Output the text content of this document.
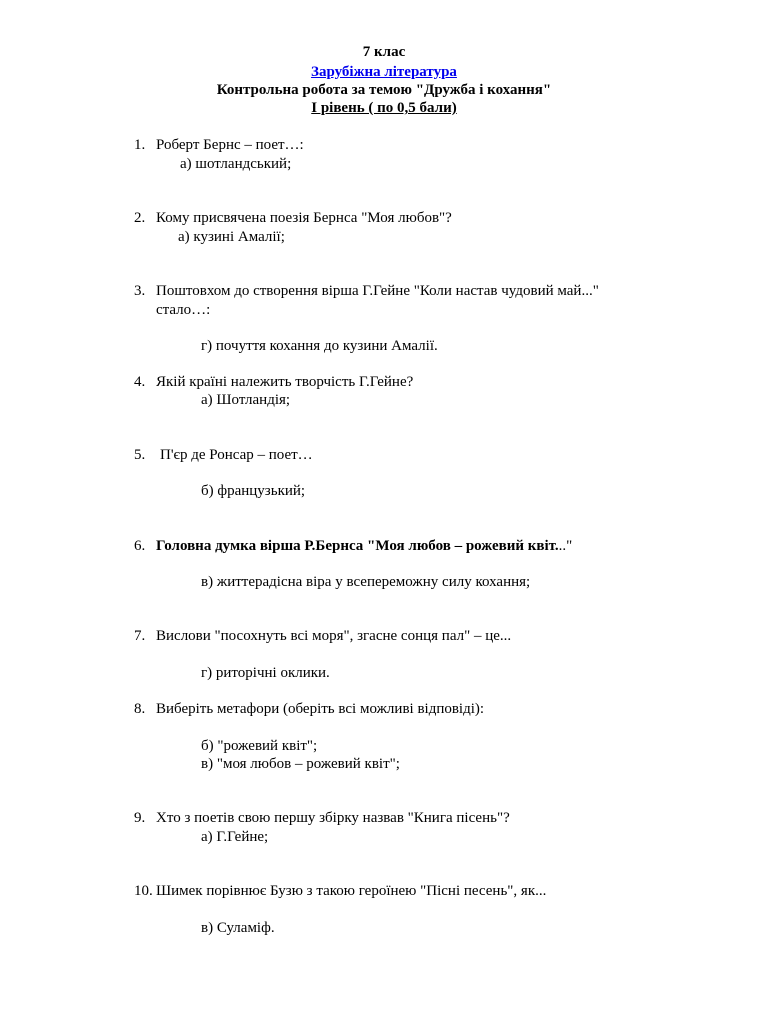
7 клас
Зарубіжна література
Контрольна робота за темою "Дружба і кохання"
I рівень ( по 0,5 бали)
1. Роберт Бернс – поет…:
а) шотландський;
2. Кому присвячена поезія Бернса "Моя любов"?
а) кузині Амалії;
3. Поштовхом до створення вірша Г.Гейне "Коли настав чудовий май..."
стало…:
г) почуття кохання до кузини Амалії.
4. Якій країні належить творчість Г.Гейне?
а) Шотландія;
5. П'єр де Ронсар – поет…
б) французький;
6. Головна думка вірша Р.Бернса "Моя любов – рожевий квіт..."
в) життерадісна віра у всепереможну силу кохання;
7. Вислови "посохнуть всі моря", згасне сонця пал" – це...
г) риторічні оклики.
8. Виберіть метафори (оберіть всі можливі відповіді):
б) "рожевий квіт";
в) "моя любов – рожевий квіт";
9. Хто з поетів свою першу збірку назвав "Книга пісень"?
а) Г.Гейне;
10. Шимек порівнює Бузю з такою героїнею "Пісні песень", як...
в) Суламіф.
